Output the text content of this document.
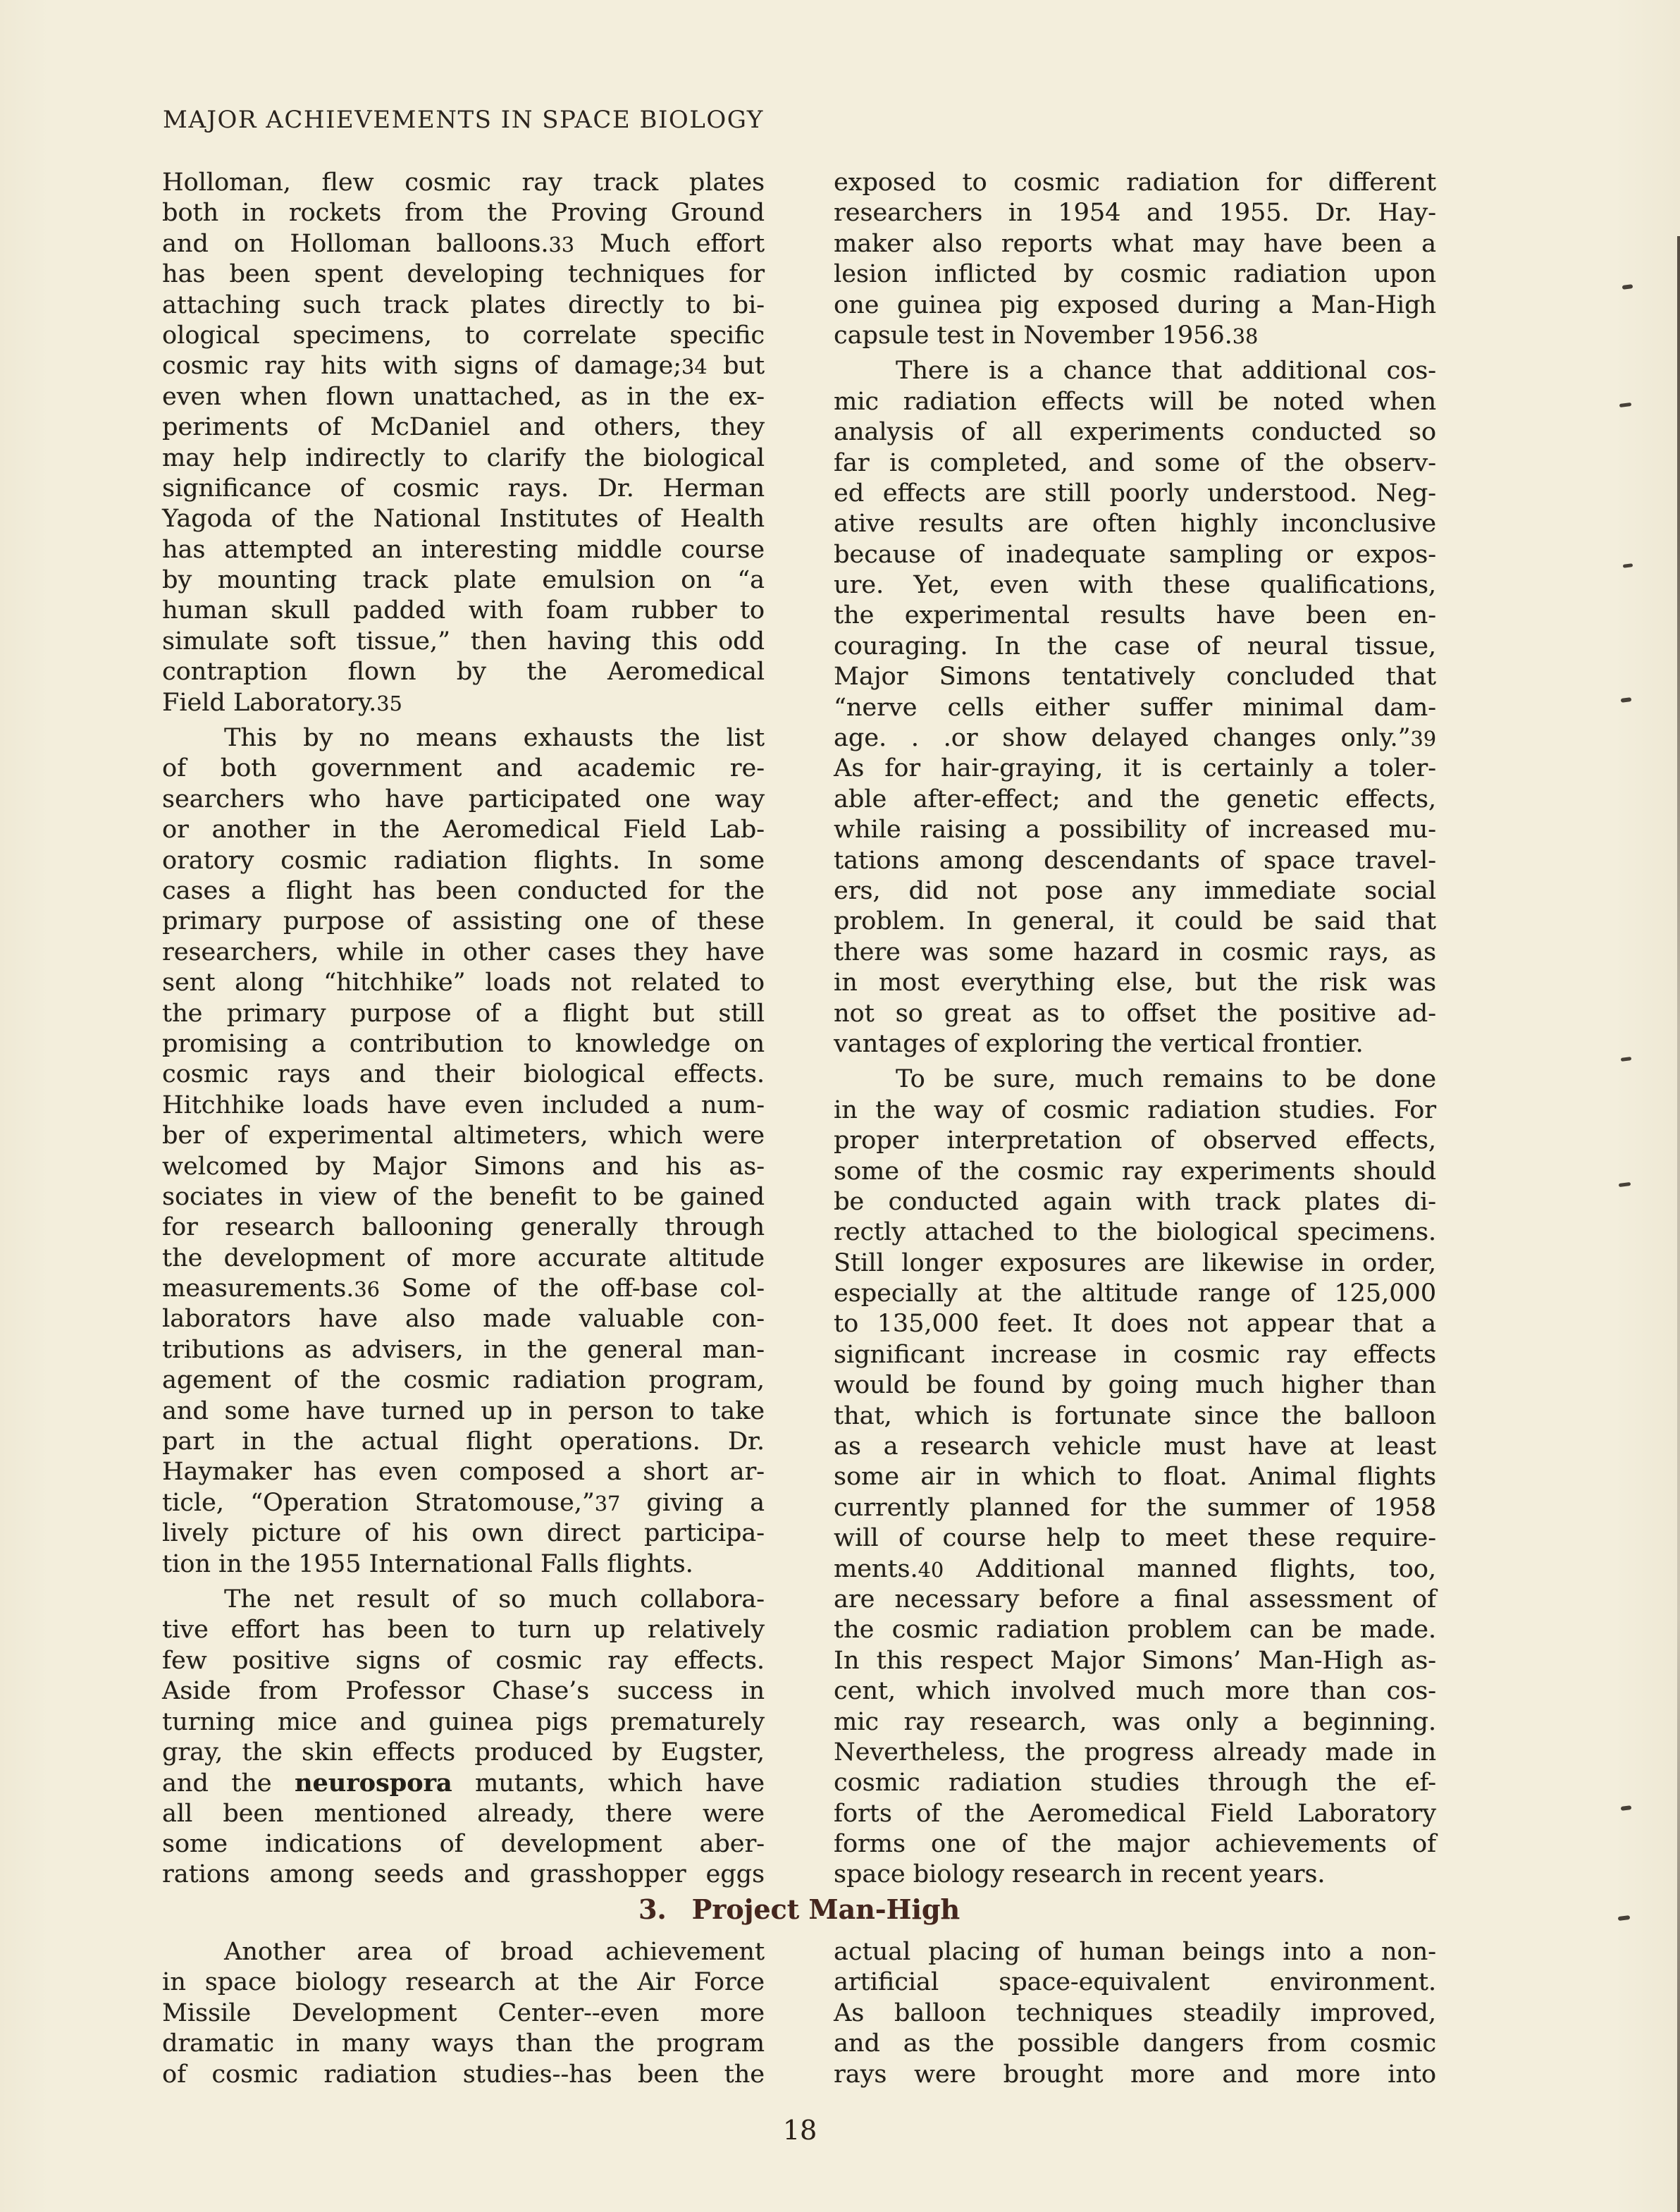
MAJOR ACHIEVEMENTS IN SPACE BIOLOGY
Holloman, flew cosmic ray track plates
both in rockets from the Proving Ground
and on Holloman balloons.33 Much effort
has been spent developing techniques for
attaching such track plates directly to bi-
ological specimens, to correlate specific
cosmic ray hits with signs of damage;34 but
even when flown unattached, as in the ex-
periments of McDaniel and others, they
may help indirectly to clarify the biological
significance of cosmic rays. Dr. Herman
Yagoda of the National Institutes of Health
has attempted an interesting middle course
by mounting track plate emulsion on “a
human skull padded with foam rubber to
simulate soft tissue,” then having this odd
contraption flown by the Aeromedical
Field Laboratory.35
This by no means exhausts the list
of both government and academic re-
searchers who have participated one way
or another in the Aeromedical Field Lab-
oratory cosmic radiation flights. In some
cases a flight has been conducted for the
primary purpose of assisting one of these
researchers, while in other cases they have
sent along “hitchhike” loads not related to
the primary purpose of a flight but still
promising a contribution to knowledge on
cosmic rays and their biological effects.
Hitchhike loads have even included a num-
ber of experimental altimeters, which were
welcomed by Major Simons and his as-
sociates in view of the benefit to be gained
for research ballooning generally through
the development of more accurate altitude
measurements.36 Some of the off-base col-
laborators have also made valuable con-
tributions as advisers, in the general man-
agement of the cosmic radiation program,
and some have turned up in person to take
part in the actual flight operations. Dr.
Haymaker has even composed a short ar-
ticle, “Operation Stratomouse,”37 giving a
lively picture of his own direct participa-
tion in the 1955 International Falls flights.
The net result of so much collabora-
tive effort has been to turn up relatively
few positive signs of cosmic ray effects.
Aside from Professor Chase’s success in
turning mice and guinea pigs prematurely
gray, the skin effects produced by Eugster,
and the neurospora mutants, which have
all been mentioned already, there were
some indications of development aber-
rations among seeds and grasshopper eggs
exposed to cosmic radiation for different
researchers in 1954 and 1955. Dr. Hay-
maker also reports what may have been a
lesion inflicted by cosmic radiation upon
one guinea pig exposed during a Man-High
capsule test in November 1956.38
There is a chance that additional cos-
mic radiation effects will be noted when
analysis of all experiments conducted so
far is completed, and some of the observ-
ed effects are still poorly understood. Neg-
ative results are often highly inconclusive
because of inadequate sampling or expos-
ure. Yet, even with these qualifications,
the experimental results have been en-
couraging. In the case of neural tissue,
Major Simons tentatively concluded that
“nerve cells either suffer minimal dam-
age. . .or show delayed changes only.”39
As for hair-graying, it is certainly a toler-
able after-effect; and the genetic effects,
while raising a possibility of increased mu-
tations among descendants of space travel-
ers, did not pose any immediate social
problem. In general, it could be said that
there was some hazard in cosmic rays, as
in most everything else, but the risk was
not so great as to offset the positive ad-
vantages of exploring the vertical frontier.
To be sure, much remains to be done
in the way of cosmic radiation studies. For
proper interpretation of observed effects,
some of the cosmic ray experiments should
be conducted again with track plates di-
rectly attached to the biological specimens.
Still longer exposures are likewise in order,
especially at the altitude range of 125,000
to 135,000 feet. It does not appear that a
significant increase in cosmic ray effects
would be found by going much higher than
that, which is fortunate since the balloon
as a research vehicle must have at least
some air in which to float. Animal flights
currently planned for the summer of 1958
will of course help to meet these require-
ments.40 Additional manned flights, too,
are necessary before a final assessment of
the cosmic radiation problem can be made.
In this respect Major Simons’ Man-High as-
cent, which involved much more than cos-
mic ray research, was only a beginning.
Nevertheless, the progress already made in
cosmic radiation studies through the ef-
forts of the Aeromedical Field Laboratory
forms one of the major achievements of
space biology research in recent years.
3. Project Man-High
Another area of broad achievement
in space biology research at the Air Force
Missile Development Center--even more
dramatic in many ways than the program
of cosmic radiation studies--has been the
actual placing of human beings into a non-
artificial space-equivalent environment.
As balloon techniques steadily improved,
and as the possible dangers from cosmic
rays were brought more and more into
18
